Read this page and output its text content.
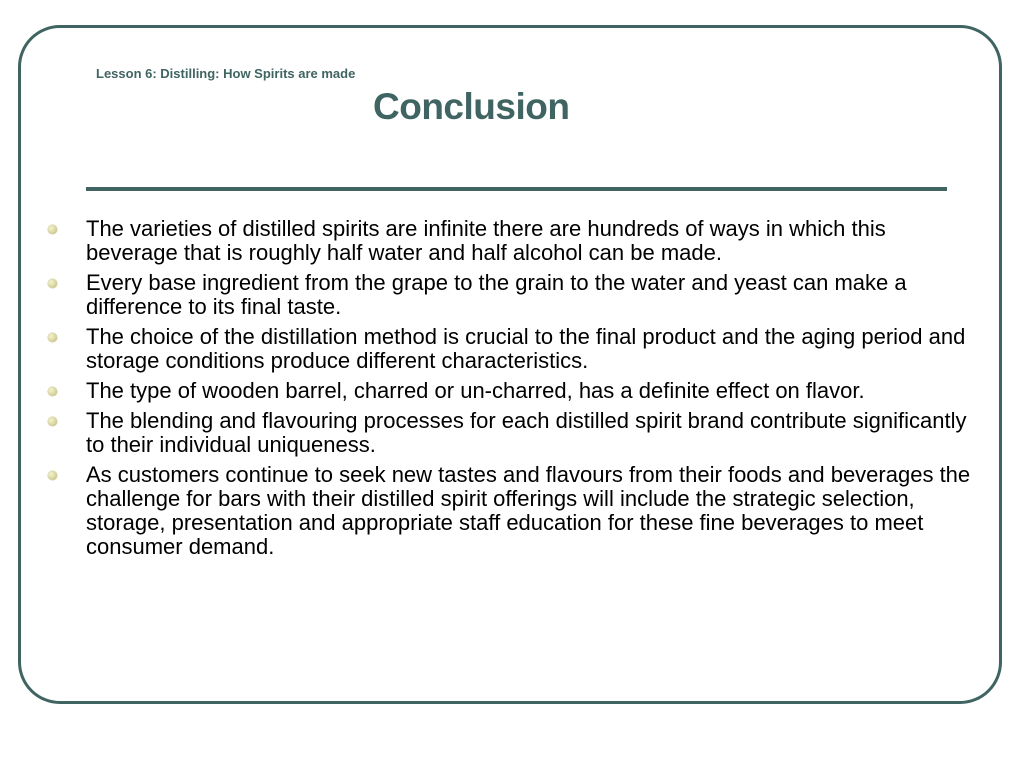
Lesson 6: Distilling: How Spirits are made
Conclusion
The varieties of distilled spirits are infinite there are hundreds of ways in which this beverage that is roughly half water and half alcohol can be made.
Every base ingredient from the grape to the grain to the water and yeast can make a difference to its final taste.
The choice of the distillation method is crucial to the final product and the aging period and storage conditions produce different characteristics.
The type of wooden barrel, charred or un-charred, has a definite effect on flavor.
The blending and flavouring processes for each distilled spirit brand contribute significantly to their individual uniqueness.
As customers continue to seek new tastes and flavours from their foods and beverages the challenge for bars with their distilled spirit offerings will include the strategic selection, storage, presentation and appropriate staff education for these fine beverages to meet consumer demand.
